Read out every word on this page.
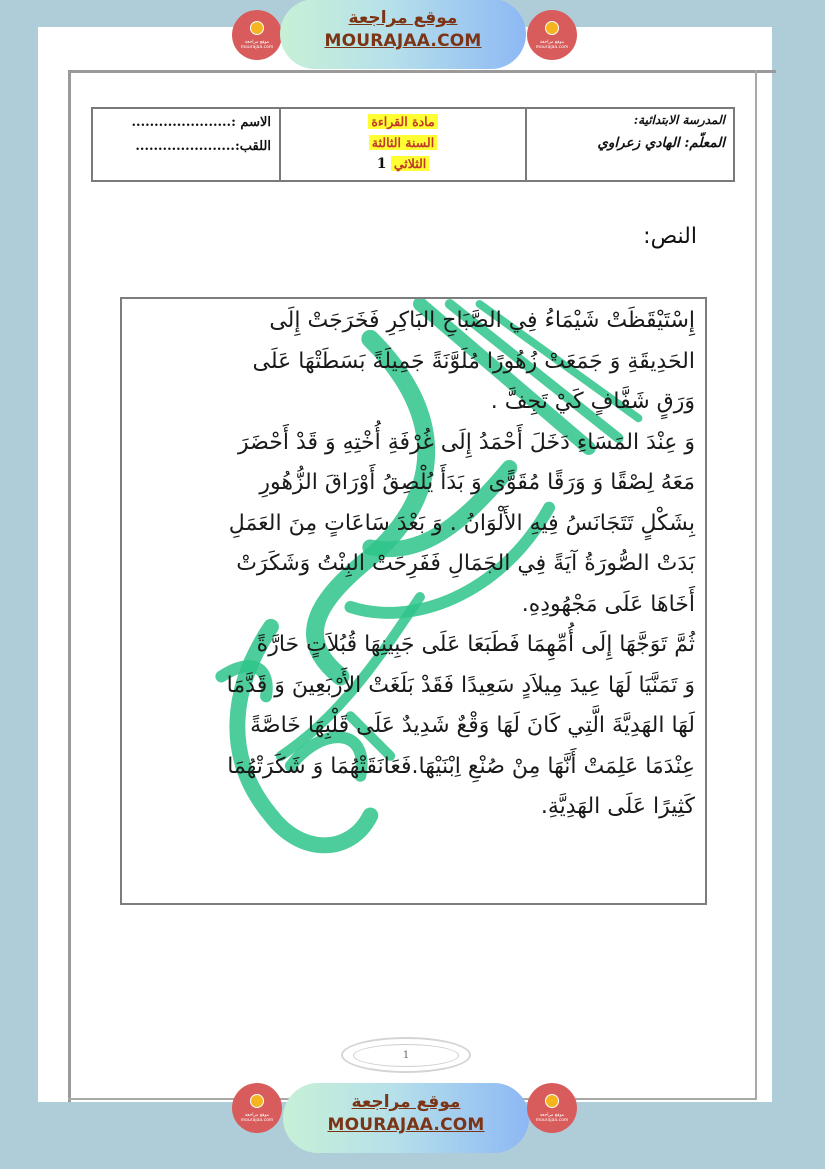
موقع مراجعة
mourajaa.com
موقع مراجعة
MOURAJAA.COM	موقع مراجعة
mourajaa.com
الاسم :......................
اللقب:......................
مادة القراءة
السنة الثالثة
الثلاثي 1
المدرسة الابتدائية:
المعلّم: الهادي زعراوي
النص:

إِسْتَيْقَظَتْ شَيْمَاءُ فِي الصَّبَاحِ البَاكِرِ فَخَرَجَتْ إِلَى

الحَدِيقَةِ وَ جَمَعَتْ زُهُورًا مُلَوَّنَةً جَمِيلَةً بَسَطَتْهَا عَلَى

وَرَقٍ شَفَّافٍ كَيْ تَجِفَّ .

وَ عِنْدَ المَسَاءِ دَخَلَ أَحْمَدُ إِلَى غُرْفَةِ أُخْتِهِ وَ قَدْ أَحْضَرَ

مَعَهُ لِصْقًا وَ وَرَقًا مُقَوًّى وَ بَدَأَ يُلْصِقُ أَوْرَاقَ الزُّهُورِ

بِشَكْلٍ تَتَجَانَسُ فِيهِ الأَلْوَانُ . وَ بَعْدَ سَاعَاتٍ مِنَ العَمَلِ

بَدَتْ الصُّورَةُ آيَةً فِي الجَمَالِ فَفَرِحَتْ البِنْتُ وَشَكَرَتْ

أَخَاهَا عَلَى مَجْهُودِهِ.

ثُمَّ تَوَجَّهَا إِلَى أُمِّهِمَا فَطَبَعَا عَلَى جَبِينِهَا قُبُلاَتٍ حَارَّةً

وَ تَمَنَّيَا لَهَا عِيدَ مِيلاَدٍ سَعِيدًا فَقَدْ بَلَغَتْ الأَرْبَعِينَ وَ قَدَّمَا

لَهَا الهَدِيَّةَ الَّتِي كَانَ لَهَا وَقْعٌ شَدِيدٌ عَلَى قَلْبِهَا خَاصَّةً

عِنْدَمَا عَلِمَتْ أَنَّهَا مِنْ صُنْعِ اِبْنَيْهَا.فَعَانَقَتْهُمَا وَ شَكَرَتْهُمَا

كَثِيرًا عَلَى الهَدِيَّةِ.

1
موقع مراجعة
mourajaa.com
موقع مراجعة
MOURAJAA.COM	موقع مراجعة
mourajaa.com
